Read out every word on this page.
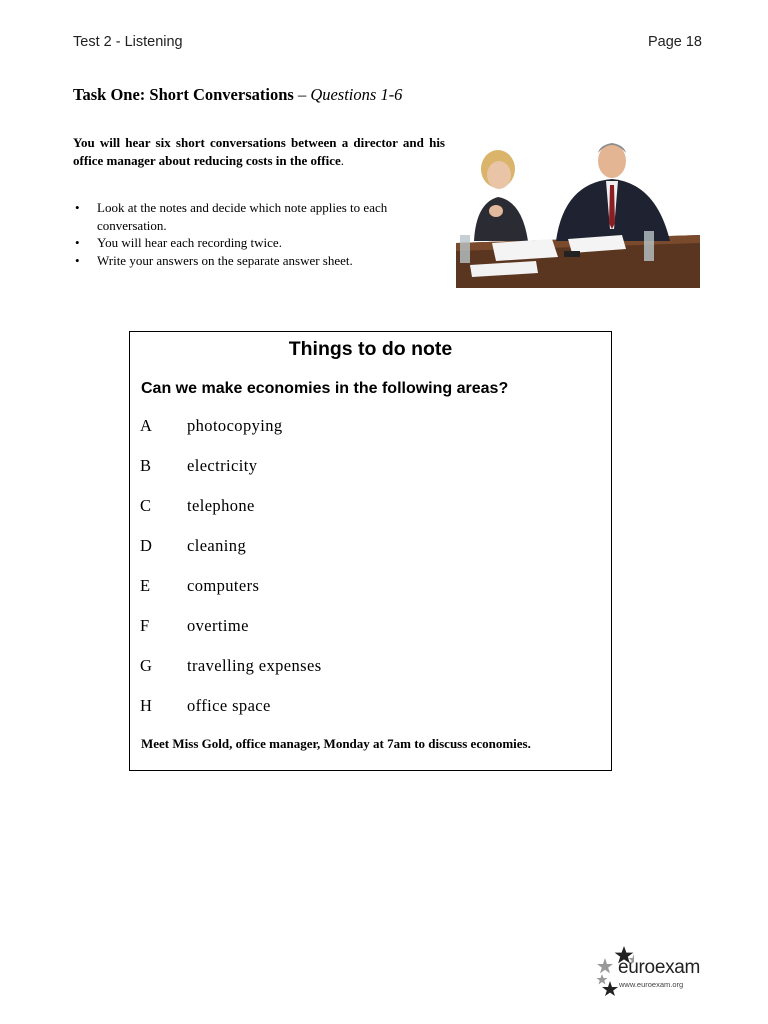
Test 2 - Listening	Page 18
Task One: Short Conversations – Questions 1-6
You will hear six short conversations between a director and his office manager about reducing costs in the office.
• Look at the notes and decide which note applies to each conversation.
• You will hear each recording twice.
• Write your answers on the separate answer sheet.
Things to do note
Can we make economies in the following areas?
A photocopying
B electricity
C telephone
D cleaning
E computers
F overtime
G travelling expenses
H office space
Meet Miss Gold, office manager, Monday at 7am to discuss economies.
euroexam
www.euroexam.org
